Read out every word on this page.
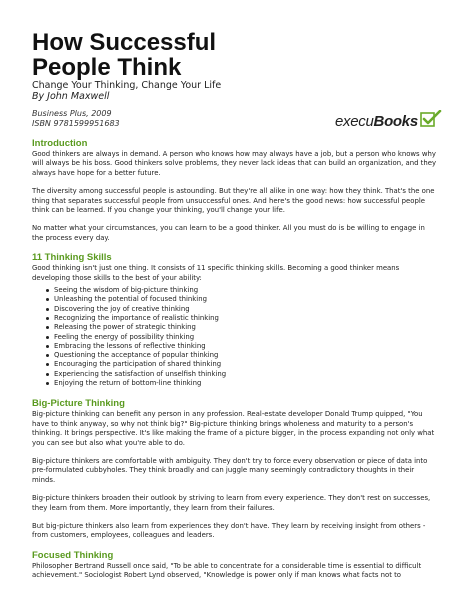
How Successful
People Think
Change Your Thinking, Change Your Life
By John Maxwell
Business Plus, 2009
ISBN 9781599951683	execuBooks
Introduction

Good thinkers are always in demand. A person who knows how may always have a job, but a person who knows why will always be his boss. Good thinkers solve problems, they never lack ideas that can build an organization, and they always have hope for a better future.

The diversity among successful people is astounding. But they're all alike in one way: how they think. That's the one thing that separates successful people from unsuccessful ones. And here's the good news: how successful people think can be learned. If you change your thinking, you'll change your life.

No matter what your circumstances, you can learn to be a good thinker. All you must do is be willing to engage in the process every day.

11 Thinking Skills

Good thinking isn't just one thing. It consists of 11 specific thinking skills. Becoming a good thinker means developing those skills to the best of your ability:

Seeing the wisdom of big-picture thinking
Unleashing the potential of focused thinking
Discovering the joy of creative thinking
Recognizing the importance of realistic thinking
Releasing the power of strategic thinking
Feeling the energy of possibility thinking
Embracing the lessons of reflective thinking
Questioning the acceptance of popular thinking
Encouraging the participation of shared thinking
Experiencing the satisfaction of unselfish thinking
Enjoying the return of bottom-line thinking
Big-Picture Thinking

Big-picture thinking can benefit any person in any profession. Real-estate developer Donald Trump quipped, "You have to think anyway, so why not think big?" Big-picture thinking brings wholeness and maturity to a person's thinking. It brings perspective. It's like making the frame of a picture bigger, in the process expanding not only what you can see but also what you're able to do.

Big-picture thinkers are comfortable with ambiguity. They don't try to force every observation or piece of data into pre-formulated cubbyholes. They think broadly and can juggle many seemingly contradictory thoughts in their minds.

Big-picture thinkers broaden their outlook by striving to learn from every experience. They don't rest on successes, they learn from them. More importantly, they learn from their failures.

But big-picture thinkers also learn from experiences they don't have. They learn by receiving insight from others - from customers, employees, colleagues and leaders.

Focused Thinking

Philosopher Bertrand Russell once said, "To be able to concentrate for a considerable time is essential to difficult achievement." Sociologist Robert Lynd observed, "Knowledge is power only if man knows what facts not to
